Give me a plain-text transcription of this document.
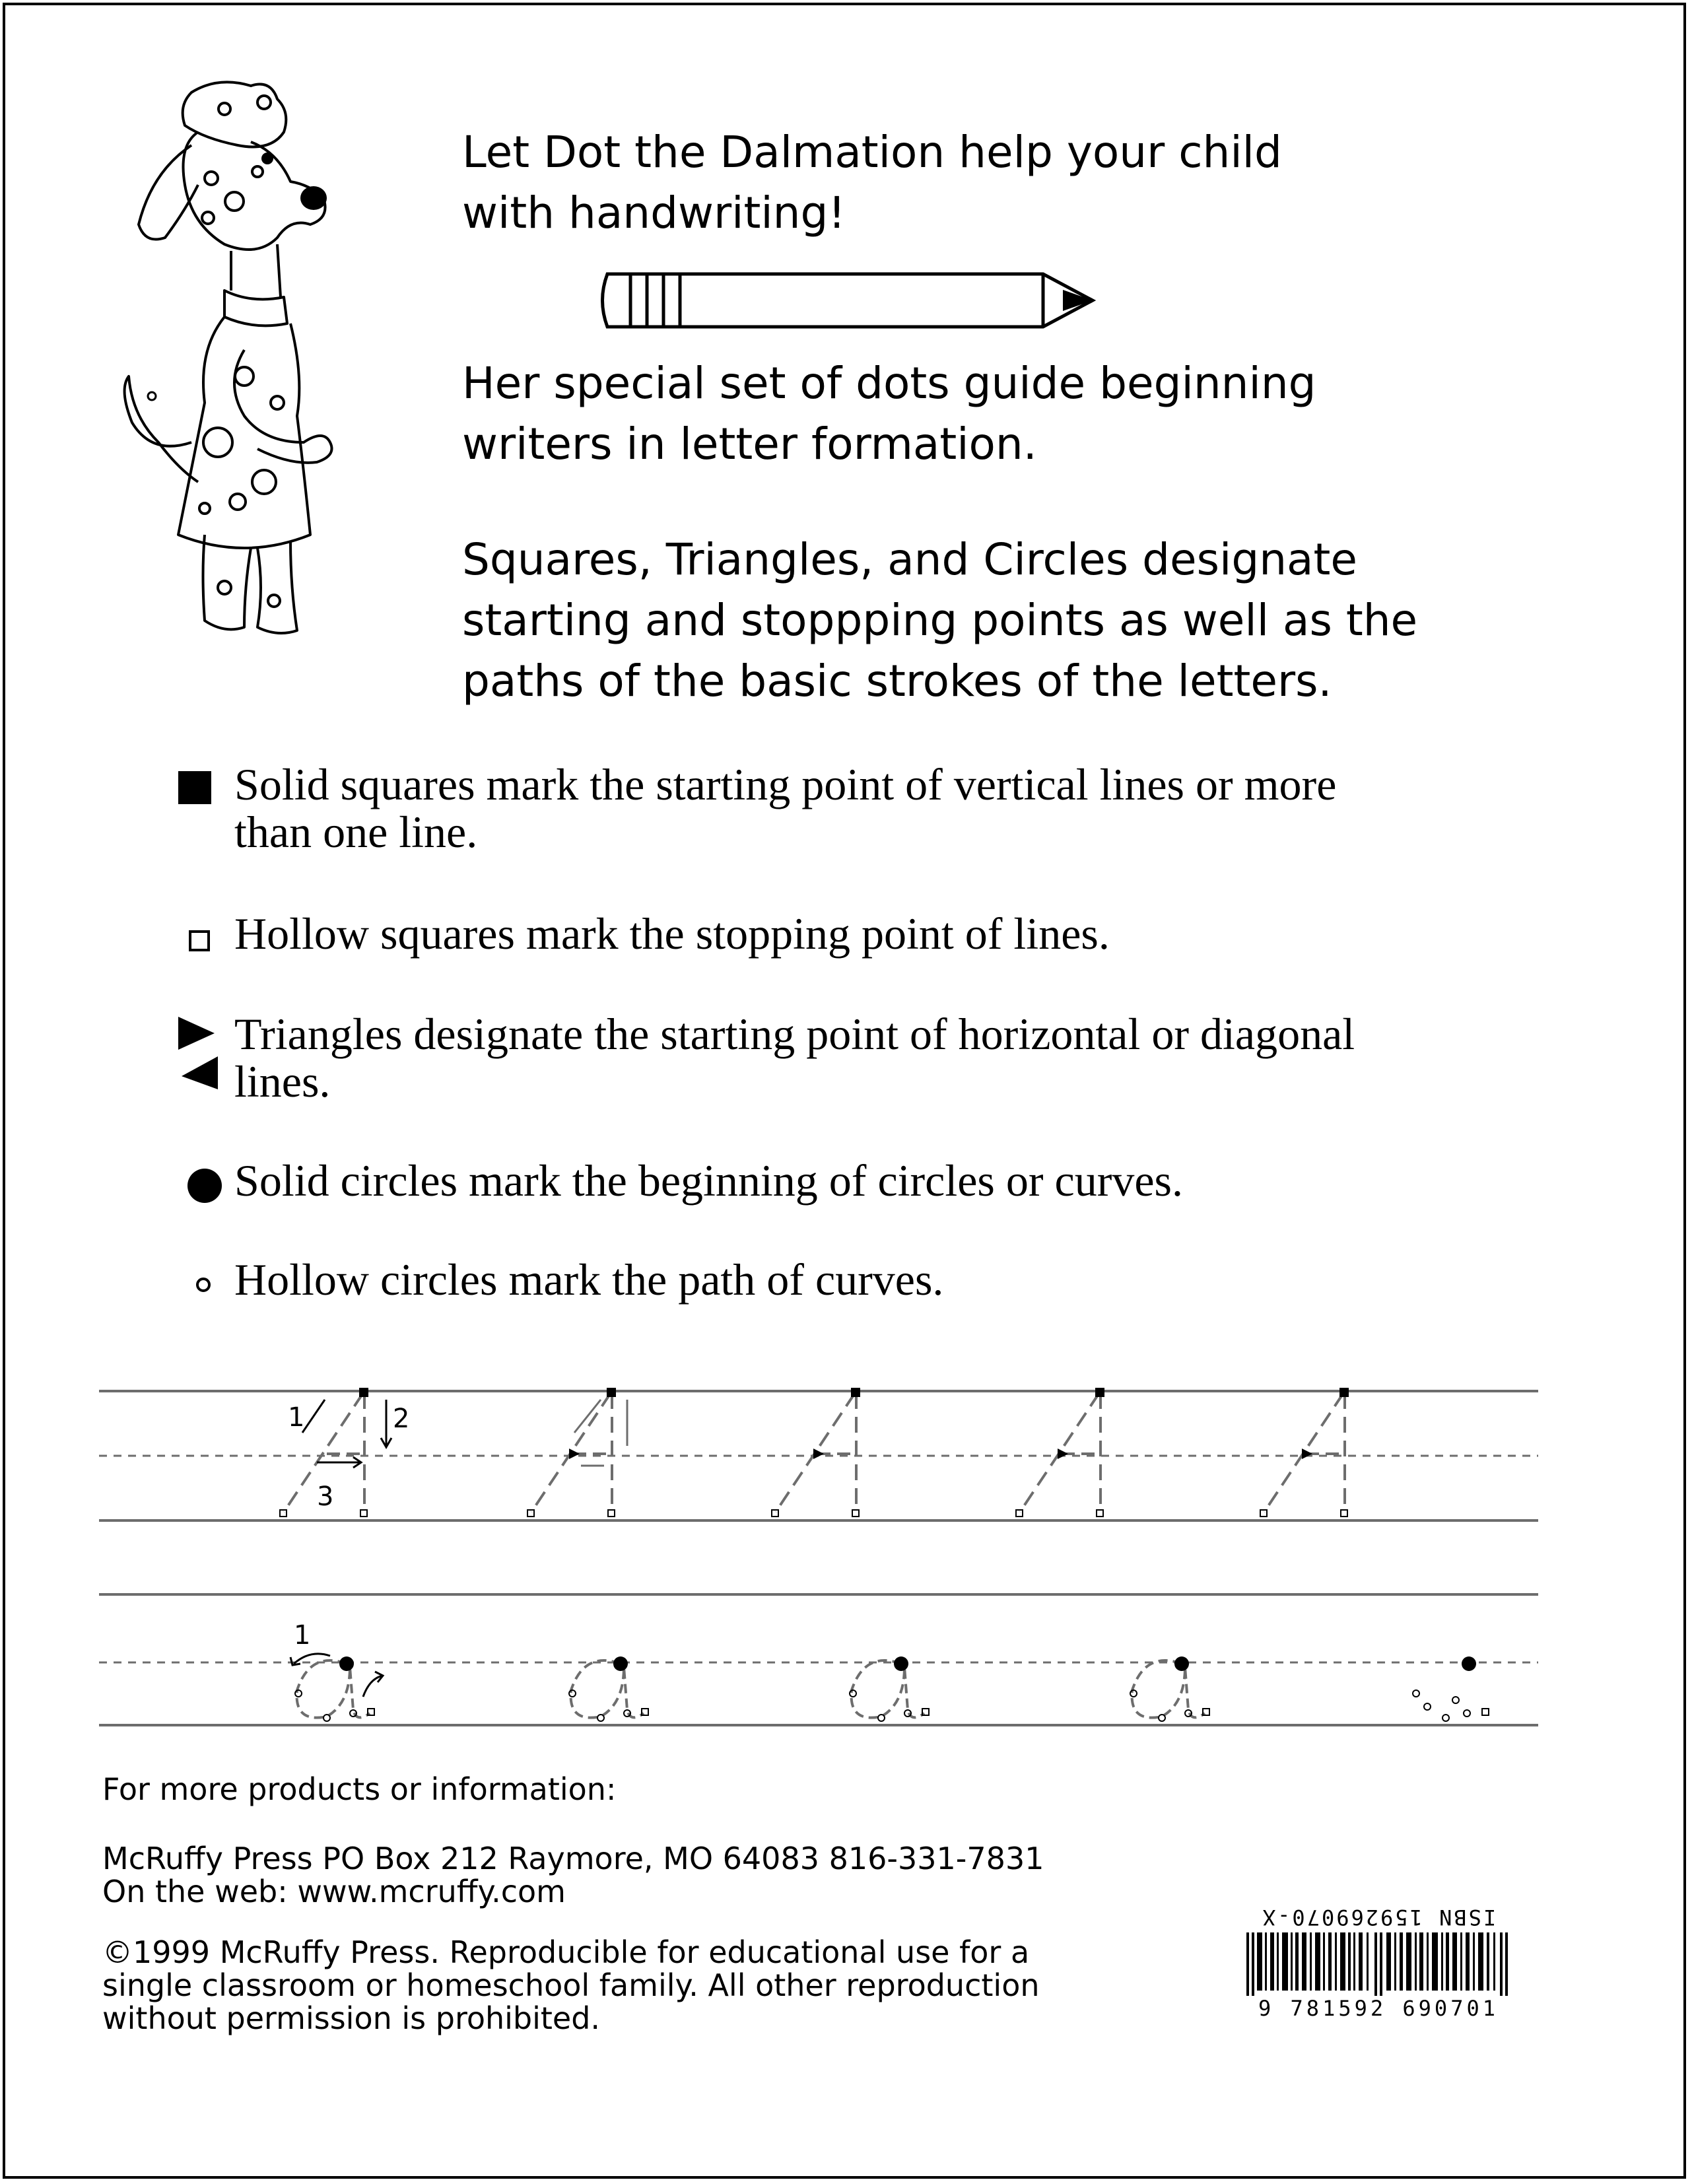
Let Dot the Dalmation help your child
with handwriting!

Her special set of dots guide beginning
writers in letter formation.

Squares, Triangles, and Circles designate
starting and stoppping points as well as the
paths of the basic strokes of the letters.

Solid squares mark the starting point of vertical lines or more
than one line.

Hollow squares mark the stopping point of lines.

Triangles designate the starting point of horizontal or diagonal
lines.

Solid circles mark the beginning of circles or curves.

Hollow circles mark the path of curves.

1	2
3
1

For more products or information:

McRuffy Press PO Box 212 Raymore, MO 64083 816-331-7831
On the web: www.mcruffy.com

©1999 McRuffy Press. Reproducible for educational use for a
single classroom or homeschool family. All other reproduction
without permission is prohibited.

ISBN 159269070-X

9 781592 690701
